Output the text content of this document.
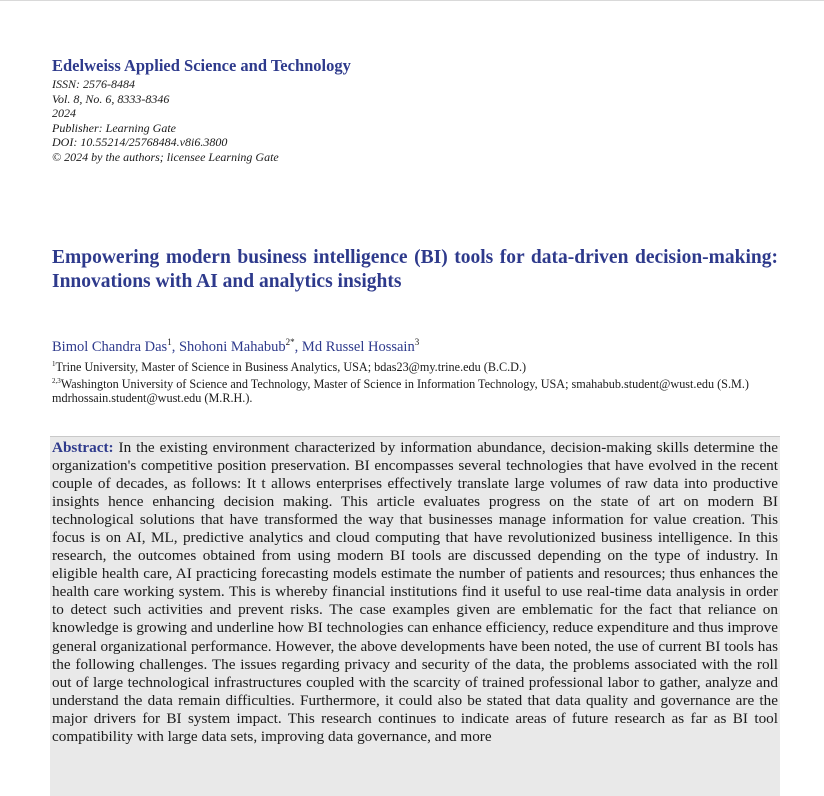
Edelweiss Applied Science and Technology
ISSN: 2576-8484
Vol. 8, No. 6, 8333-8346
2024
Publisher: Learning Gate
DOI: 10.55214/25768484.v8i6.3800
© 2024 by the authors; licensee Learning Gate
Empowering modern business intelligence (BI) tools for data-driven decision-making: Innovations with AI and analytics insights
Bimol Chandra Das$^1$, Shohoni Mahabub$^{2*}$, Md Russel Hossain$^3$
$^1$Trine University, Master of Science in Business Analytics, USA; bdas23@my.trine.edu (B.C.D.)
$^{2,3}$Washington University of Science and Technology, Master of Science in Information Technology, USA; smahabub.student@wust.edu (S.M.) mdrhossain.student@wust.edu (M.R.H.).

Abstract: In the existing environment characterized by information abundance, decision-making skills determine the organization's competitive position preservation. BI encompasses several technologies that have evolved in the recent couple of decades, as follows: It t allows enterprises effectively translate large volumes of raw data into productive insights hence enhancing decision making. This article evaluates progress on the state of art on modern BI technological solutions that have transformed the way that businesses manage information for value creation. This focus is on AI, ML, predictive analytics and cloud computing that have revolutionized business intelligence. In this research, the outcomes obtained from using modern BI tools are discussed depending on the type of industry. In eligible health care, AI practicing forecasting models estimate the number of patients and resources; thus enhances the health care working system. This is whereby financial institutions find it useful to use real-time data analysis in order to detect such activities and prevent risks. The case examples given are emblematic for the fact that reliance on knowledge is growing and underline how BI technologies can enhance efficiency, reduce expenditure and thus improve general organizational performance. However, the above developments have been noted, the use of current BI tools has the following challenges. The issues regarding privacy and security of the data, the problems associated with the roll out of large technological infrastructures coupled with the scarcity of trained professional labor to gather, analyze and understand the data remain difficulties. Furthermore, it could also be stated that data quality and governance are the major drivers for BI system impact. This research continues to indicate areas of future research as far as BI tool compatibility with large data sets, improving data governance, and more
